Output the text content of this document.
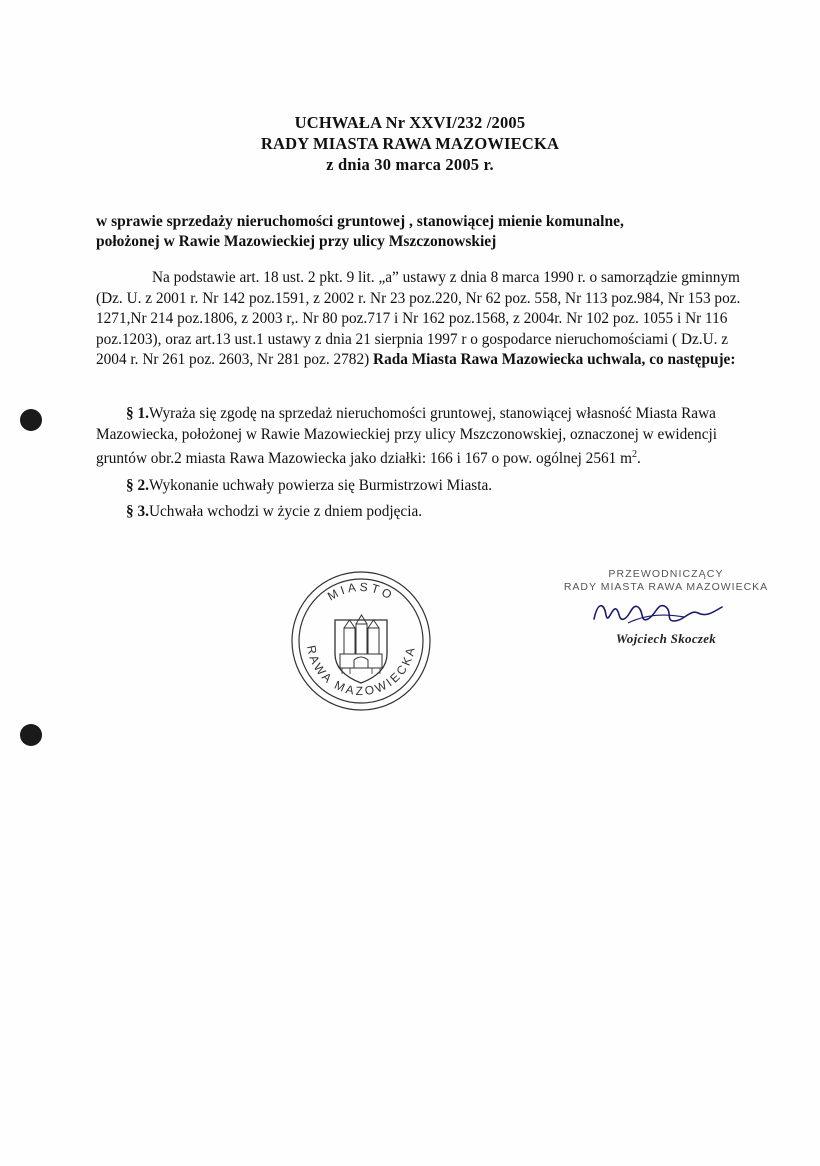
UCHWAŁA Nr XXVI/232 /2005
RADY MIASTA RAWA MAZOWIECKA
z dnia 30 marca 2005 r.
w sprawie sprzedaży nieruchomości gruntowej , stanowiącej mienie komunalne,
położonej w Rawie Mazowieckiej przy ulicy Mszczonowskiej
Na podstawie art. 18 ust. 2 pkt. 9 lit. „a” ustawy z dnia 8 marca 1990 r. o samorządzie gminnym (Dz. U. z 2001 r. Nr 142 poz.1591, z 2002 r. Nr 23 poz.220, Nr 62 poz. 558, Nr 113 poz.984, Nr 153 poz. 1271,Nr 214 poz.1806, z 2003 r,. Nr 80 poz.717 i Nr 162 poz.1568, z 2004r. Nr 102 poz. 1055 i Nr 116 poz.1203), oraz art.13 ust.1 ustawy z dnia 21 sierpnia 1997 r o gospodarce nieruchomościami ( Dz.U. z 2004 r. Nr 261 poz. 2603, Nr 281 poz. 2782) Rada Miasta Rawa Mazowiecka uchwala, co następuje:
§ 1.Wyraża się zgodę na sprzedaż nieruchomości gruntowej, stanowiącej własność Miasta Rawa Mazowiecka, położonej w Rawie Mazowieckiej przy ulicy Mszczonowskiej, oznaczonej w ewidencji gruntów obr.2 miasta Rawa Mazowiecka jako działki: 166 i 167 o pow. ogólnej 2561 $m^2$.
§ 2.Wykonanie uchwały powierza się Burmistrzowi Miasta.
§ 3.Uchwała wchodzi w życie z dniem podjęcia.
MIASTO
RAWA MAZOWIECKA
PRZEWODNICZĄCY
RADY MIASTA RAWA MAZOWIECKA
Wojciech Skoczek
